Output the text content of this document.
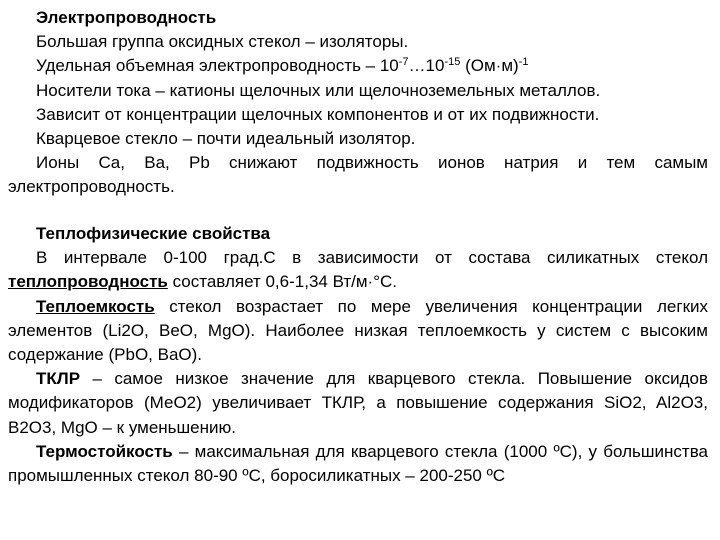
Электропроводность
Большая группа оксидных стекол – изоляторы.
Удельная объемная электропроводность – $10^{-7}\dots 10^{-15}$ $(Ом\cdot м)^{-1}$
Носители тока – катионы щелочных или щелочноземельных металлов.
Зависит от концентрации щелочных компонентов и от их подвижности.
Кварцевое стекло – почти идеальный изолятор.
Ионы Ca, Ba, Pb снижают подвижность ионов натрия и тем самым электропроводность.
Теплофизические свойства
В интервале 0-100 град.С в зависимости от состава силикатных стекол теплопроводность составляет 0,6-1,34 Вт/м·°С.
Теплоемкость стекол возрастает по мере увеличения концентрации легких элементов (Li2O, BeO, MgO). Наиболее низкая теплоемкость у систем с высоким содержание (PbO, BaO).
ТКЛР – самое низкое значение для кварцевого стекла. Повышение оксидов модификаторов (МеО2) увеличивает ТКЛР, а повышение содержания SiO2, Al2O3, B2O3, MgO – к уменьшению.
Термостойкость – максимальная для кварцевого стекла (1000 ºС), у большинства промышленных стекол 80-90 ºС, боросиликатных – 200-250 ºС
